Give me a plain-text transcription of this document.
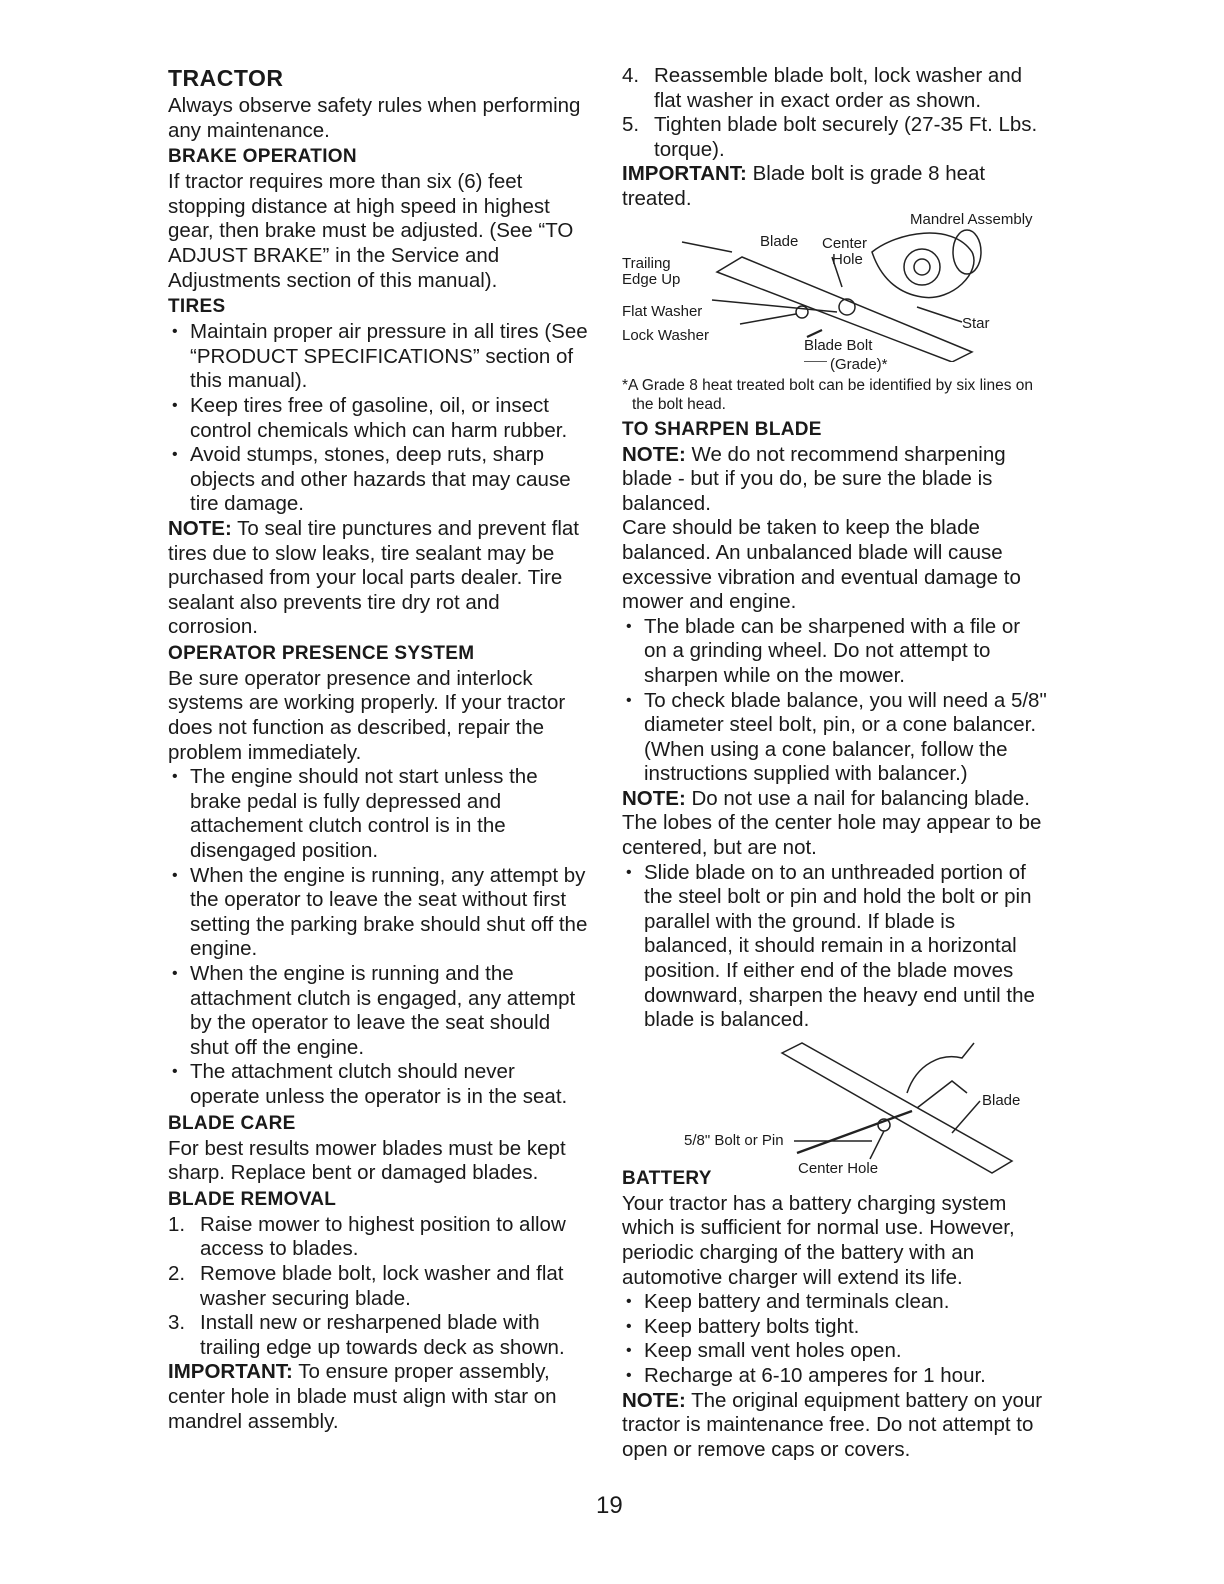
TRACTOR

Always observe safety rules when performing any maintenance.

BRAKE OPERATION

If tractor requires more than six (6) feet stopping distance at high speed in highest gear, then brake must be adjusted. (See “TO ADJUST BRAKE” in the Service and Adjustments section of this manual).

TIRES
• Maintain proper air pressure in all tires (See “PRODUCT SPECIFICATIONS” section of this manual).
• Keep tires free of gasoline, oil, or insect control chemicals which can harm rubber.
• Avoid stumps, stones, deep ruts, sharp objects and other hazards that may cause tire damage.

NOTE: To seal tire punctures and prevent flat tires due to slow leaks, tire sealant may be purchased from your local parts dealer. Tire sealant also prevents tire dry rot and corrosion.

OPERATOR PRESENCE SYSTEM

Be sure operator presence and interlock systems are working properly. If your tractor does not function as described, repair the problem immediately.

• The engine should not start unless the brake pedal is fully depressed and attachement clutch control is in the disengaged position.
• When the engine is running, any attempt by the operator to leave the seat without first setting the parking brake should shut off the engine.
• When the engine is running and the attachment clutch is engaged, any attempt by the operator to leave the seat should shut off the engine.
• The attachment clutch should never operate unless the operator is in the seat.
BLADE CARE

For best results mower blades must be kept sharp. Replace bent or damaged blades.

BLADE REMOVAL
1. Raise mower to highest position to allow access to blades.
2. Remove blade bolt, lock washer and flat washer securing blade.
3. Install new or resharpened blade with trailing edge up towards deck as shown.

IMPORTANT: To ensure proper assembly, center hole in blade must align with star on mandrel assembly.

4. Reassemble blade bolt, lock washer and flat washer in exact order as shown.
5. Tighten blade bolt securely (27-35 Ft. Lbs. torque).

IMPORTANT: Blade bolt is grade 8 heat treated.

Mandrel Assembly
Blade Center
Hole
Trailing
Edge Up
Flat Washer
Star
Lock Washer
Blade Bolt
(Grade)*

*A Grade 8 heat treated bolt can be identified by six lines on the bolt head.

TO SHARPEN BLADE

NOTE: We do not recommend sharpening blade - but if you do, be sure the blade is balanced.

Care should be taken to keep the blade balanced. An unbalanced blade will cause excessive vibration and eventual damage to mower and engine.

• The blade can be sharpened with a file or on a grinding wheel. Do not attempt to sharpen while on the mower.
• To check blade balance, you will need a 5/8" diameter steel bolt, pin, or a cone balancer. (When using a cone balancer, follow the instructions supplied with balancer.)

NOTE: Do not use a nail for balancing blade. The lobes of the center hole may appear to be centered, but are not.

• Slide blade on to an unthreaded portion of the steel bolt or pin and hold the bolt or pin parallel with the ground. If blade is balanced, it should remain in a horizontal position. If either end of the blade moves downward, sharpen the heavy end until the blade is balanced.
Blade
5/8" Bolt or Pin
Center Hole
BATTERY

Your tractor has a battery charging system which is sufficient for normal use. However, periodic charging of the battery with an automotive charger will extend its life.

• Keep battery and terminals clean.
• Keep battery bolts tight.
• Keep small vent holes open.
• Recharge at 6-10 amperes for 1 hour.

NOTE: The original equipment battery on your tractor is maintenance free. Do not attempt to open or remove caps or covers.

19
